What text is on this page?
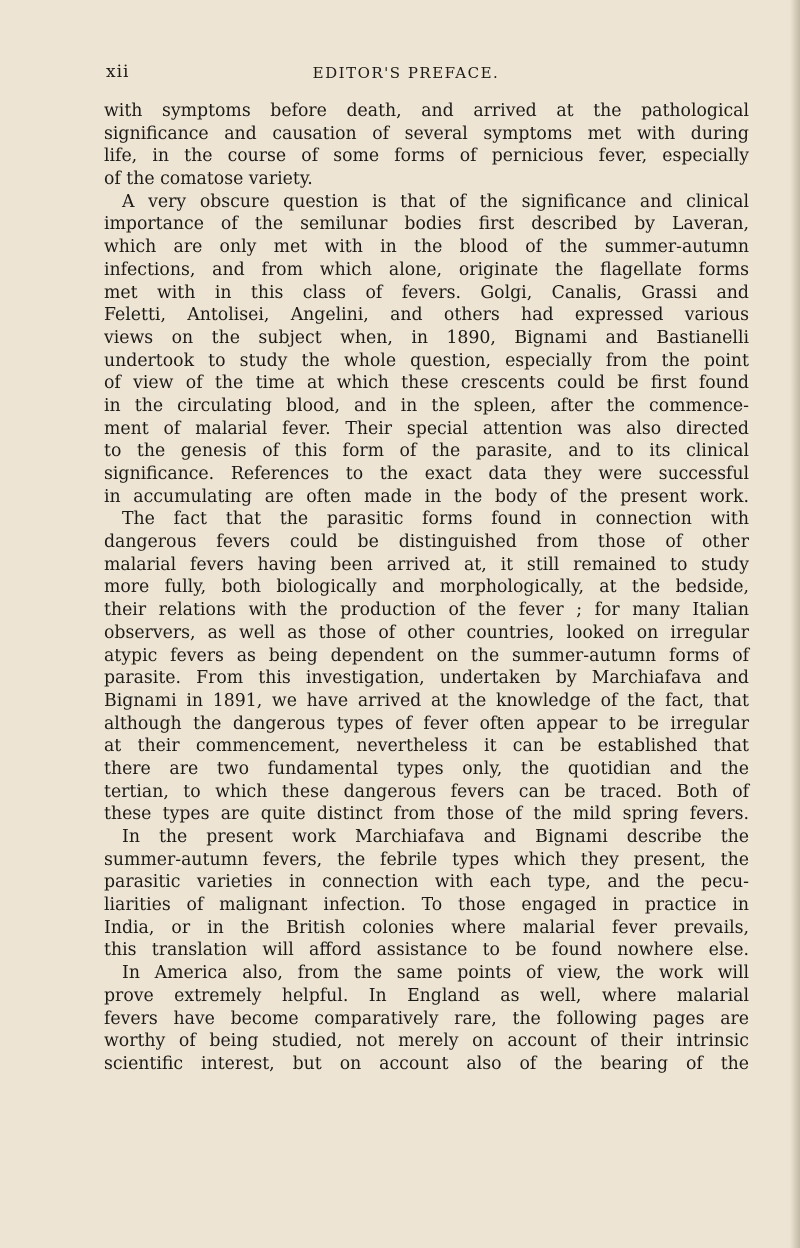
xii	EDITOR'S PREFACE.
with symptoms before death, and arrived at the pathological
significance and causation of several symptoms met with during
life, in the course of some forms of pernicious fever, especially
of the comatose variety.
A very obscure question is that of the significance and clinical
importance of the semilunar bodies first described by Laveran,
which are only met with in the blood of the summer-autumn
infections, and from which alone, originate the flagellate forms
met with in this class of fevers. Golgi, Canalis, Grassi and
Feletti, Antolisei, Angelini, and others had expressed various
views on the subject when, in 1890, Bignami and Bastianelli
undertook to study the whole question, especially from the point
of view of the time at which these crescents could be first found
in the circulating blood, and in the spleen, after the commence-
ment of malarial fever. Their special attention was also directed
to the genesis of this form of the parasite, and to its clinical
significance. References to the exact data they were successful
in accumulating are often made in the body of the present work.
The fact that the parasitic forms found in connection with
dangerous fevers could be distinguished from those of other
malarial fevers having been arrived at, it still remained to study
more fully, both biologically and morphologically, at the bedside,
their relations with the production of the fever ; for many Italian
observers, as well as those of other countries, looked on irregular
atypic fevers as being dependent on the summer-autumn forms of
parasite. From this investigation, undertaken by Marchiafava and
Bignami in 1891, we have arrived at the knowledge of the fact, that
although the dangerous types of fever often appear to be irregular
at their commencement, nevertheless it can be established that
there are two fundamental types only, the quotidian and the
tertian, to which these dangerous fevers can be traced. Both of
these types are quite distinct from those of the mild spring fevers.
In the present work Marchiafava and Bignami describe the
summer-autumn fevers, the febrile types which they present, the
parasitic varieties in connection with each type, and the pecu-
liarities of malignant infection. To those engaged in practice in
India, or in the British colonies where malarial fever prevails,
this translation will afford assistance to be found nowhere else.
In America also, from the same points of view, the work will
prove extremely helpful. In England as well, where malarial
fevers have become comparatively rare, the following pages are
worthy of being studied, not merely on account of their intrinsic
scientific interest, but on account also of the bearing of the
